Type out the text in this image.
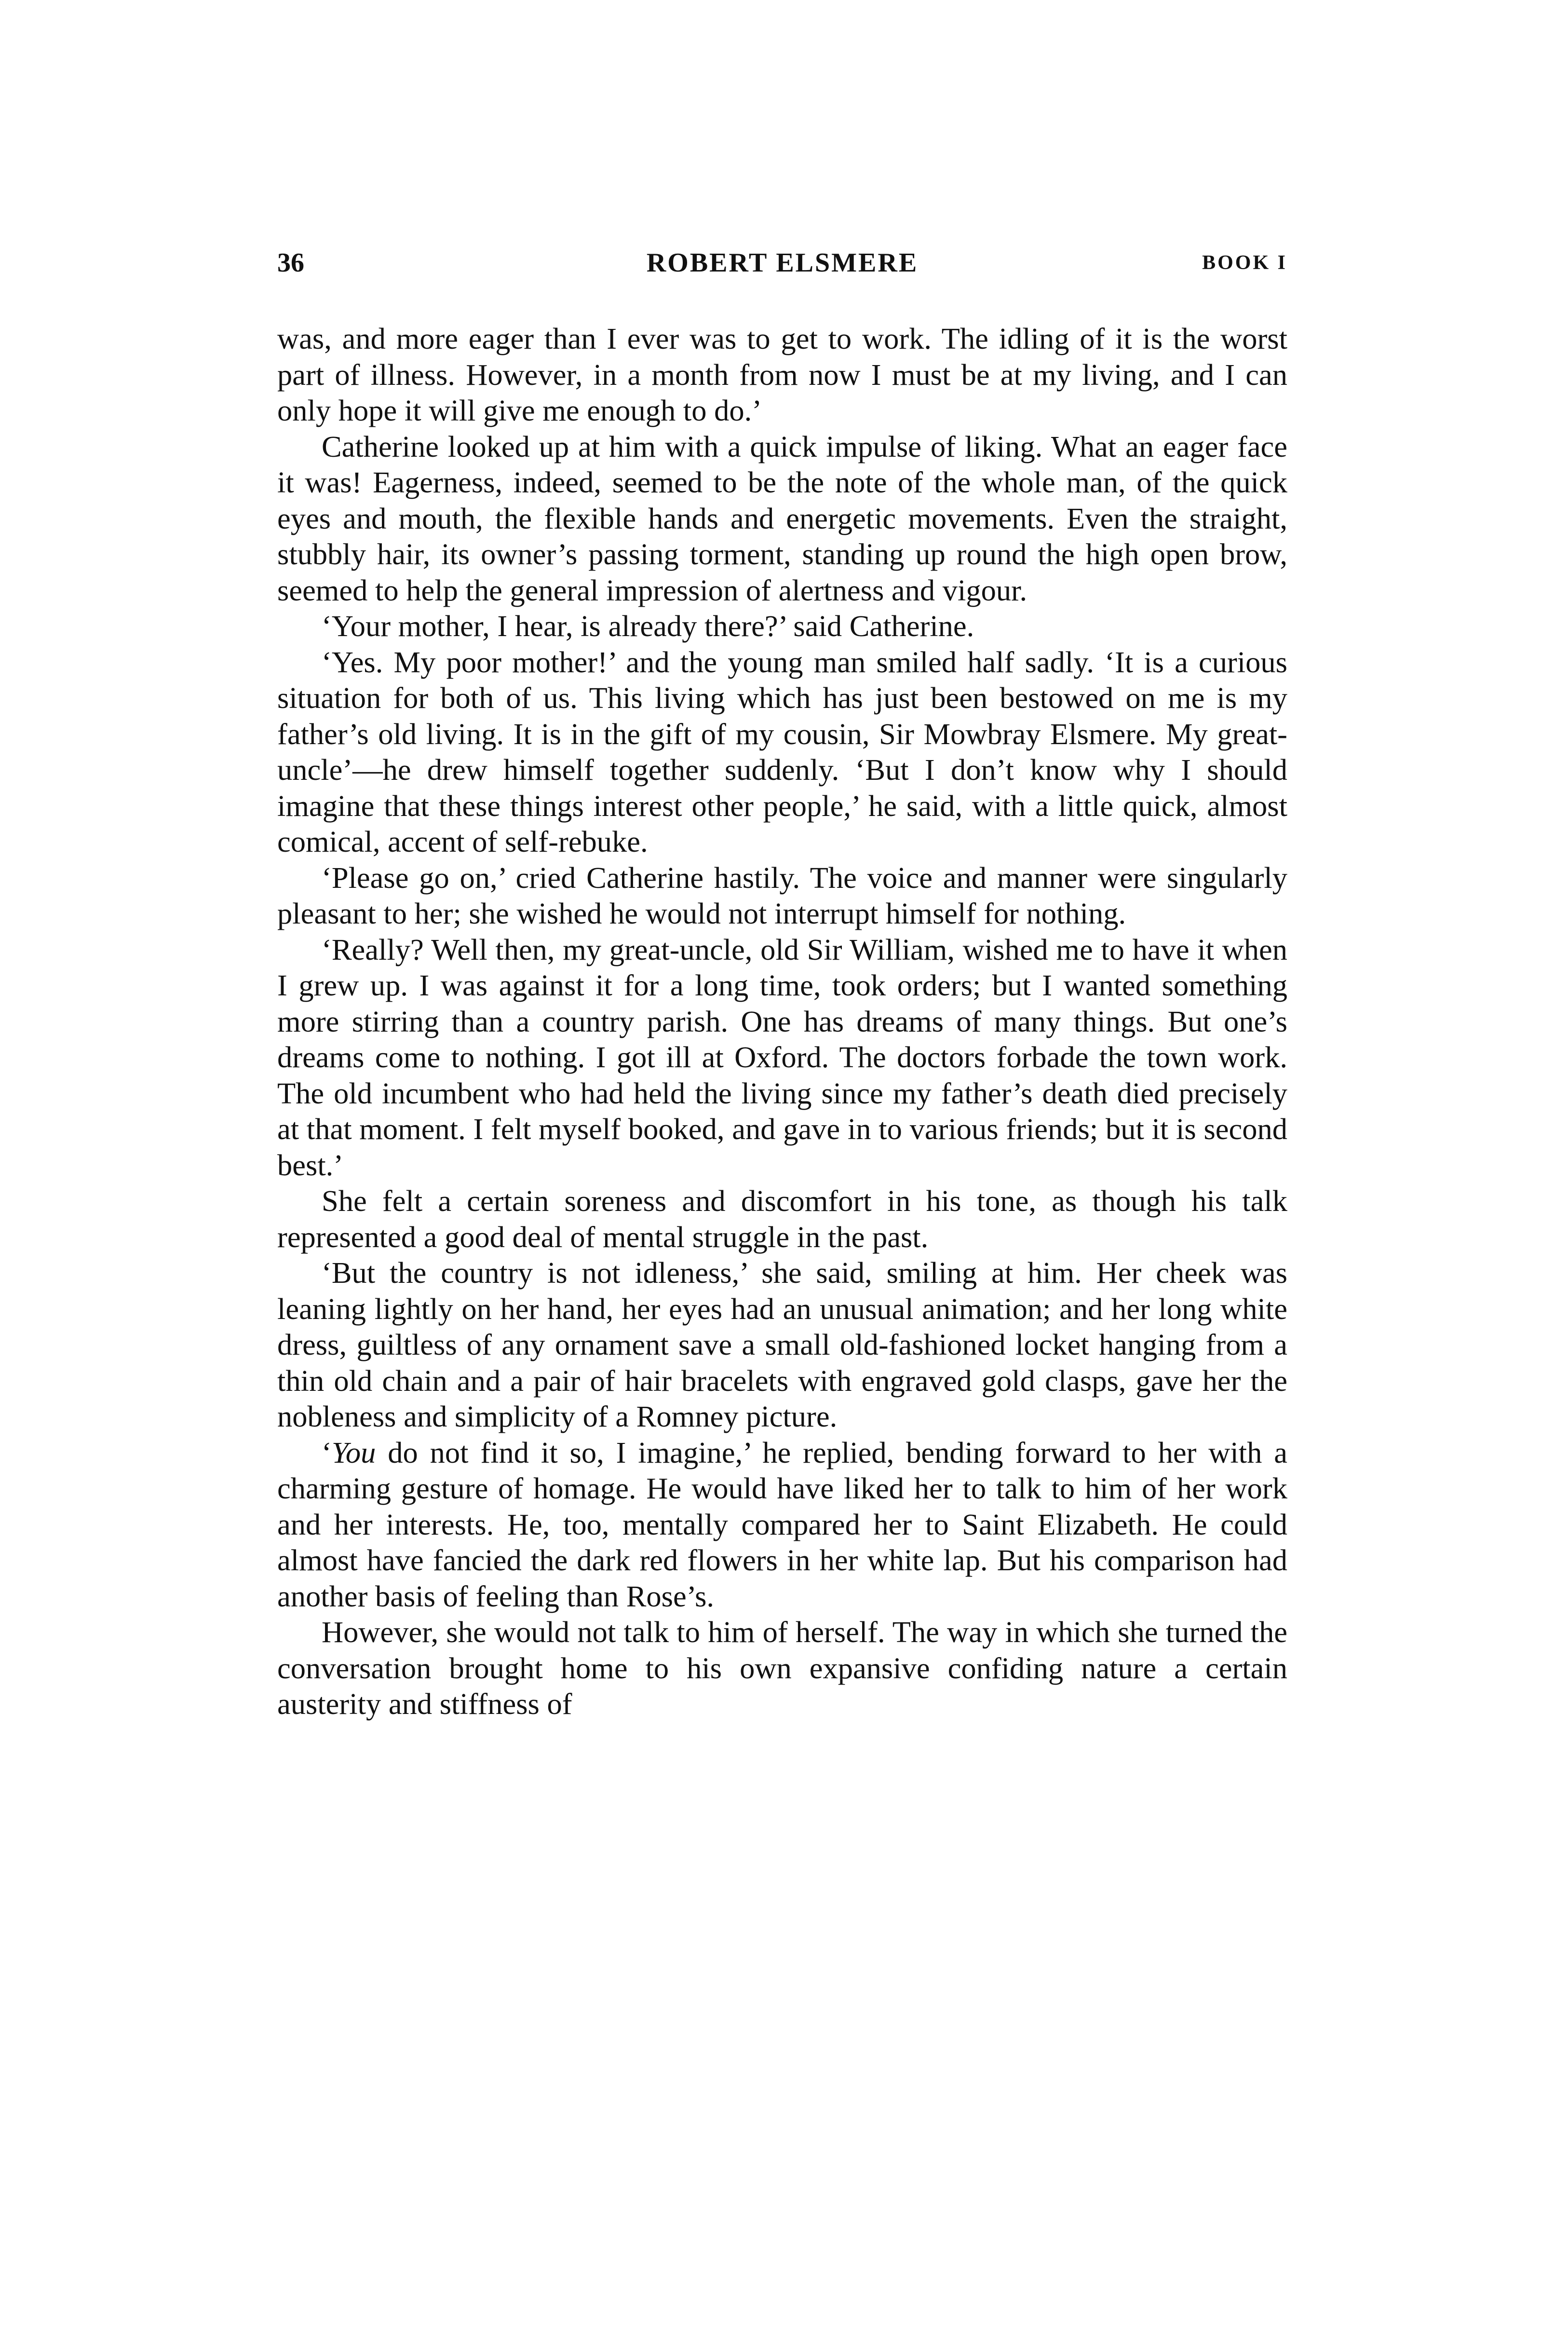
36	ROBERT ELSMERE	BOOK I

was, and more eager than I ever was to get to work. The idling of it is the worst part of illness. However, in a month from now I must be at my living, and I can only hope it will give me enough to do.’

Catherine looked up at him with a quick impulse of liking. What an eager face it was! Eagerness, indeed, seemed to be the note of the whole man, of the quick eyes and mouth, the flexible hands and energetic movements. Even the straight, stubbly hair, its owner’s passing torment, standing up round the high open brow, seemed to help the general impression of alertness and vigour.

‘Your mother, I hear, is already there?’ said Catherine.

‘Yes. My poor mother!’ and the young man smiled half sadly. ‘It is a curious situation for both of us. This living which has just been bestowed on me is my father’s old living. It is in the gift of my cousin, Sir Mowbray Elsmere. My great-uncle’—he drew himself together suddenly. ‘But I don’t know why I should imagine that these things interest other people,’ he said, with a little quick, almost comical, accent of self-rebuke.

‘Please go on,’ cried Catherine hastily. The voice and manner were singularly pleasant to her; she wished he would not interrupt himself for nothing.

‘Really? Well then, my great-uncle, old Sir William, wished me to have it when I grew up. I was against it for a long time, took orders; but I wanted something more stirring than a country parish. One has dreams of many things. But one’s dreams come to nothing. I got ill at Oxford. The doctors forbade the town work. The old incumbent who had held the living since my father’s death died precisely at that moment. I felt myself booked, and gave in to various friends; but it is second best.’

She felt a certain soreness and discomfort in his tone, as though his talk represented a good deal of mental struggle in the past.

‘But the country is not idleness,’ she said, smiling at him. Her cheek was leaning lightly on her hand, her eyes had an unusual animation; and her long white dress, guiltless of any ornament save a small old-fashioned locket hanging from a thin old chain and a pair of hair bracelets with engraved gold clasps, gave her the nobleness and simplicity of a Romney picture.

‘You do not find it so, I imagine,’ he replied, bending forward to her with a charming gesture of homage. He would have liked her to talk to him of her work and her interests. He, too, mentally compared her to Saint Elizabeth. He could almost have fancied the dark red flowers in her white lap. But his comparison had another basis of feeling than Rose’s.

However, she would not talk to him of herself. The way in which she turned the conversation brought home to his own expansive confiding nature a certain austerity and stiffness of
